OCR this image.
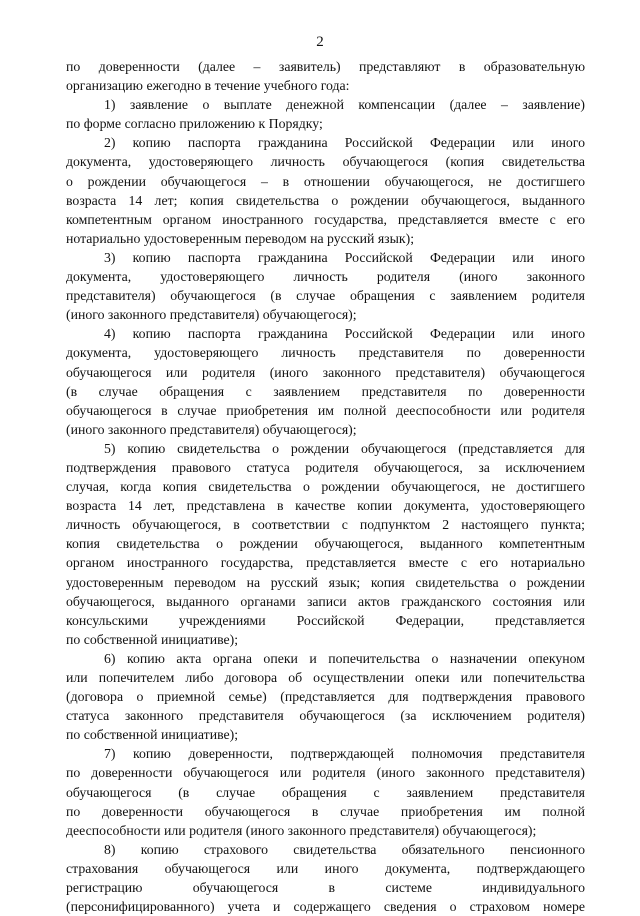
2
по доверенности (далее – заявитель) представляют в образовательную
организацию ежегодно в течение учебного года:
1) заявление о выплате денежной компенсации (далее – заявление)
по форме согласно приложению к Порядку;
2) копию паспорта гражданина Российской Федерации или иного
документа, удостоверяющего личность обучающегося (копия свидетельства
о рождении обучающегося – в отношении обучающегося, не достигшего
возраста 14 лет; копия свидетельства о рождении обучающегося, выданного
компетентным органом иностранного государства, представляется вместе с его
нотариально удостоверенным переводом на русский язык);
3) копию паспорта гражданина Российской Федерации или иного
документа, удостоверяющего личность родителя (иного законного
представителя) обучающегося (в случае обращения с заявлением родителя
(иного законного представителя) обучающегося);
4) копию паспорта гражданина Российской Федерации или иного
документа, удостоверяющего личность представителя по доверенности
обучающегося или родителя (иного законного представителя) обучающегося
(в случае обращения с заявлением представителя по доверенности
обучающегося в случае приобретения им полной дееспособности или родителя
(иного законного представителя) обучающегося);
5) копию свидетельства о рождении обучающегося (представляется для
подтверждения правового статуса родителя обучающегося, за исключением
случая, когда копия свидетельства о рождении обучающегося, не достигшего
возраста 14 лет, представлена в качестве копии документа, удостоверяющего
личность обучающегося, в соответствии с подпунктом 2 настоящего пункта;
копия свидетельства о рождении обучающегося, выданного компетентным
органом иностранного государства, представляется вместе с его нотариально
удостоверенным переводом на русский язык; копия свидетельства о рождении
обучающегося, выданного органами записи актов гражданского состояния или
консульскими учреждениями Российской Федерации, представляется
по собственной инициативе);
6) копию акта органа опеки и попечительства о назначении опекуном
или попечителем либо договора об осуществлении опеки или попечительства
(договора о приемной семье) (представляется для подтверждения правового
статуса законного представителя обучающегося (за исключением родителя)
по собственной инициативе);
7) копию доверенности, подтверждающей полномочия представителя
по доверенности обучающегося или родителя (иного законного представителя)
обучающегося (в случае обращения с заявлением представителя
по доверенности обучающегося в случае приобретения им полной
дееспособности или родителя (иного законного представителя) обучающегося);
8) копию страхового свидетельства обязательного пенсионного
страхования обучающегося или иного документа, подтверждающего
регистрацию обучающегося в системе индивидуального
(персонифицированного) учета и содержащего сведения о страховом номере
